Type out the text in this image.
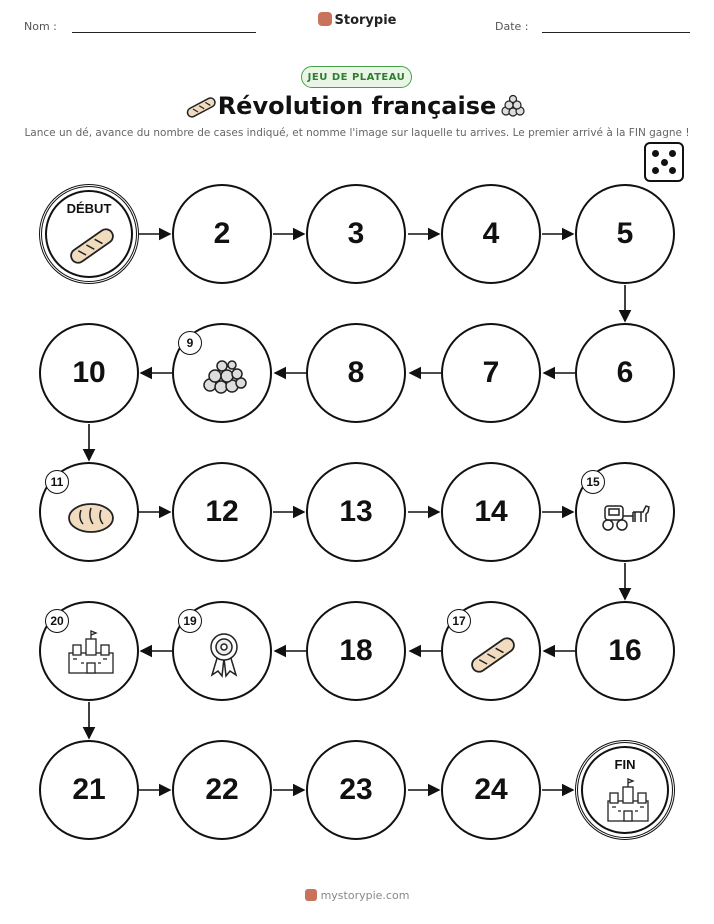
Nom :	Storypie	Date :
JEU DE PLATEAU
Révolution française
Lance un dé, avance du nombre de cases indiqué, et nomme l'image sur laquelle tu arrives. Le premier arrivé à la FIN gagne !
DÉBUT
2	3	4	5
10
9
8	7	6
11
12	13	14
15
20	19
18
17
16
21	22	23	24
FIN
mystorypie.com
